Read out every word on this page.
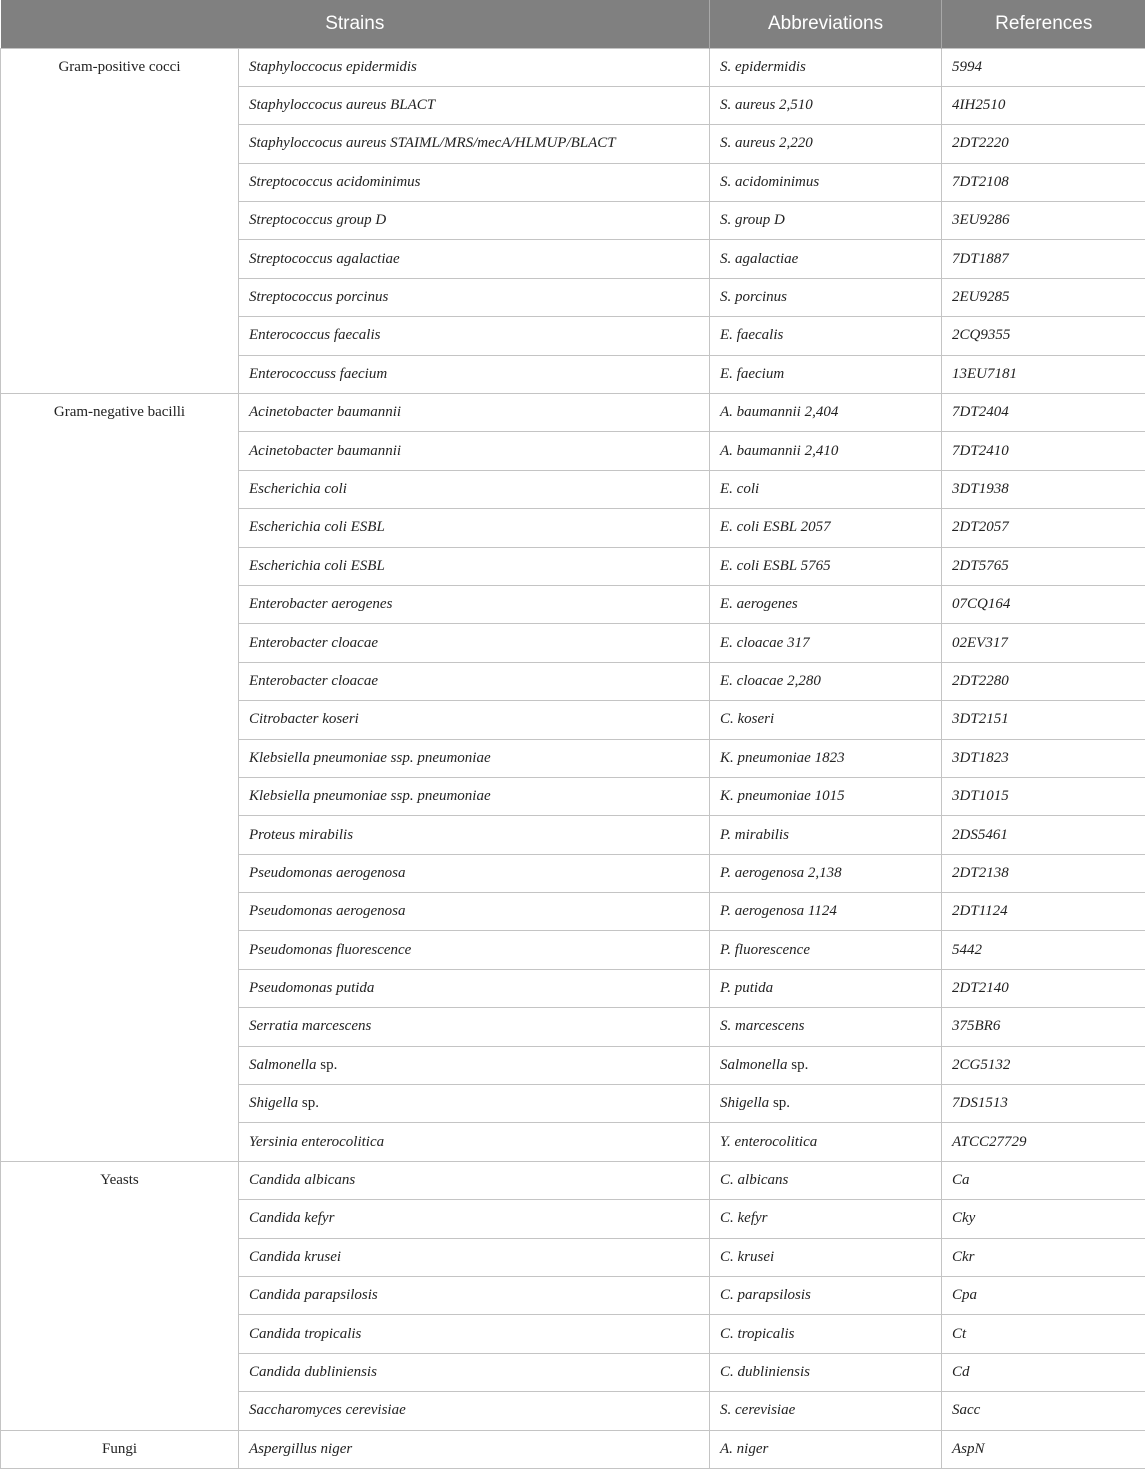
Strains		Abbreviations	References
Gram-positive cocci	Staphyloccocus epidermidis	S. epidermidis	5994
	Staphyloccocus aureus BLACT	S. aureus 2,510	4IH2510
	Staphyloccocus aureus STAIML/MRS/mecA/HLMUP/BLACT	S. aureus 2,220	2DT2220
	Streptococcus acidominimus	S. acidominimus	7DT2108
	Streptococcus group D	S. group D	3EU9286
	Streptococcus agalactiae	S. agalactiae	7DT1887
	Streptococcus porcinus	S. porcinus	2EU9285
	Enterococcus faecalis	E. faecalis	2CQ9355
	Enterococcuss faecium	E. faecium	13EU7181
Gram-negative bacilli	Acinetobacter baumannii	A. baumannii 2,404	7DT2404
	Acinetobacter baumannii	A. baumannii 2,410	7DT2410
	Escherichia coli	E. coli	3DT1938
	Escherichia coli ESBL	E. coli ESBL 2057	2DT2057
	Escherichia coli ESBL	E. coli ESBL 5765	2DT5765
	Enterobacter aerogenes	E. aerogenes	07CQ164
	Enterobacter cloacae	E. cloacae 317	02EV317
	Enterobacter cloacae	E. cloacae 2,280	2DT2280
	Citrobacter koseri	C. koseri	3DT2151
	Klebsiella pneumoniae ssp. pneumoniae	K. pneumoniae 1823	3DT1823
	Klebsiella pneumoniae ssp. pneumoniae	K. pneumoniae 1015	3DT1015
	Proteus mirabilis	P. mirabilis	2DS5461
	Pseudomonas aerogenosa	P. aerogenosa 2,138	2DT2138
	Pseudomonas aerogenosa	P. aerogenosa 1124	2DT1124
	Pseudomonas fluorescence	P. fluorescence	5442
	Pseudomonas putida	P. putida	2DT2140
	Serratia marcescens	S. marcescens	375BR6
	Salmonella sp.	Salmonella sp.	2CG5132
	Shigella sp.	Shigella sp.	7DS1513
	Yersinia enterocolitica	Y. enterocolitica	ATCC27729
Yeasts	Candida albicans	C. albicans	Ca
	Candida kefyr	C. kefyr	Cky
	Candida krusei	C. krusei	Ckr
	Candida parapsilosis	C. parapsilosis	Cpa
	Candida tropicalis	C. tropicalis	Ct
	Candida dubliniensis	C. dubliniensis	Cd
	Saccharomyces cerevisiae	S. cerevisiae	Sacc
Fungi	Aspergillus niger	A. niger	AspN
